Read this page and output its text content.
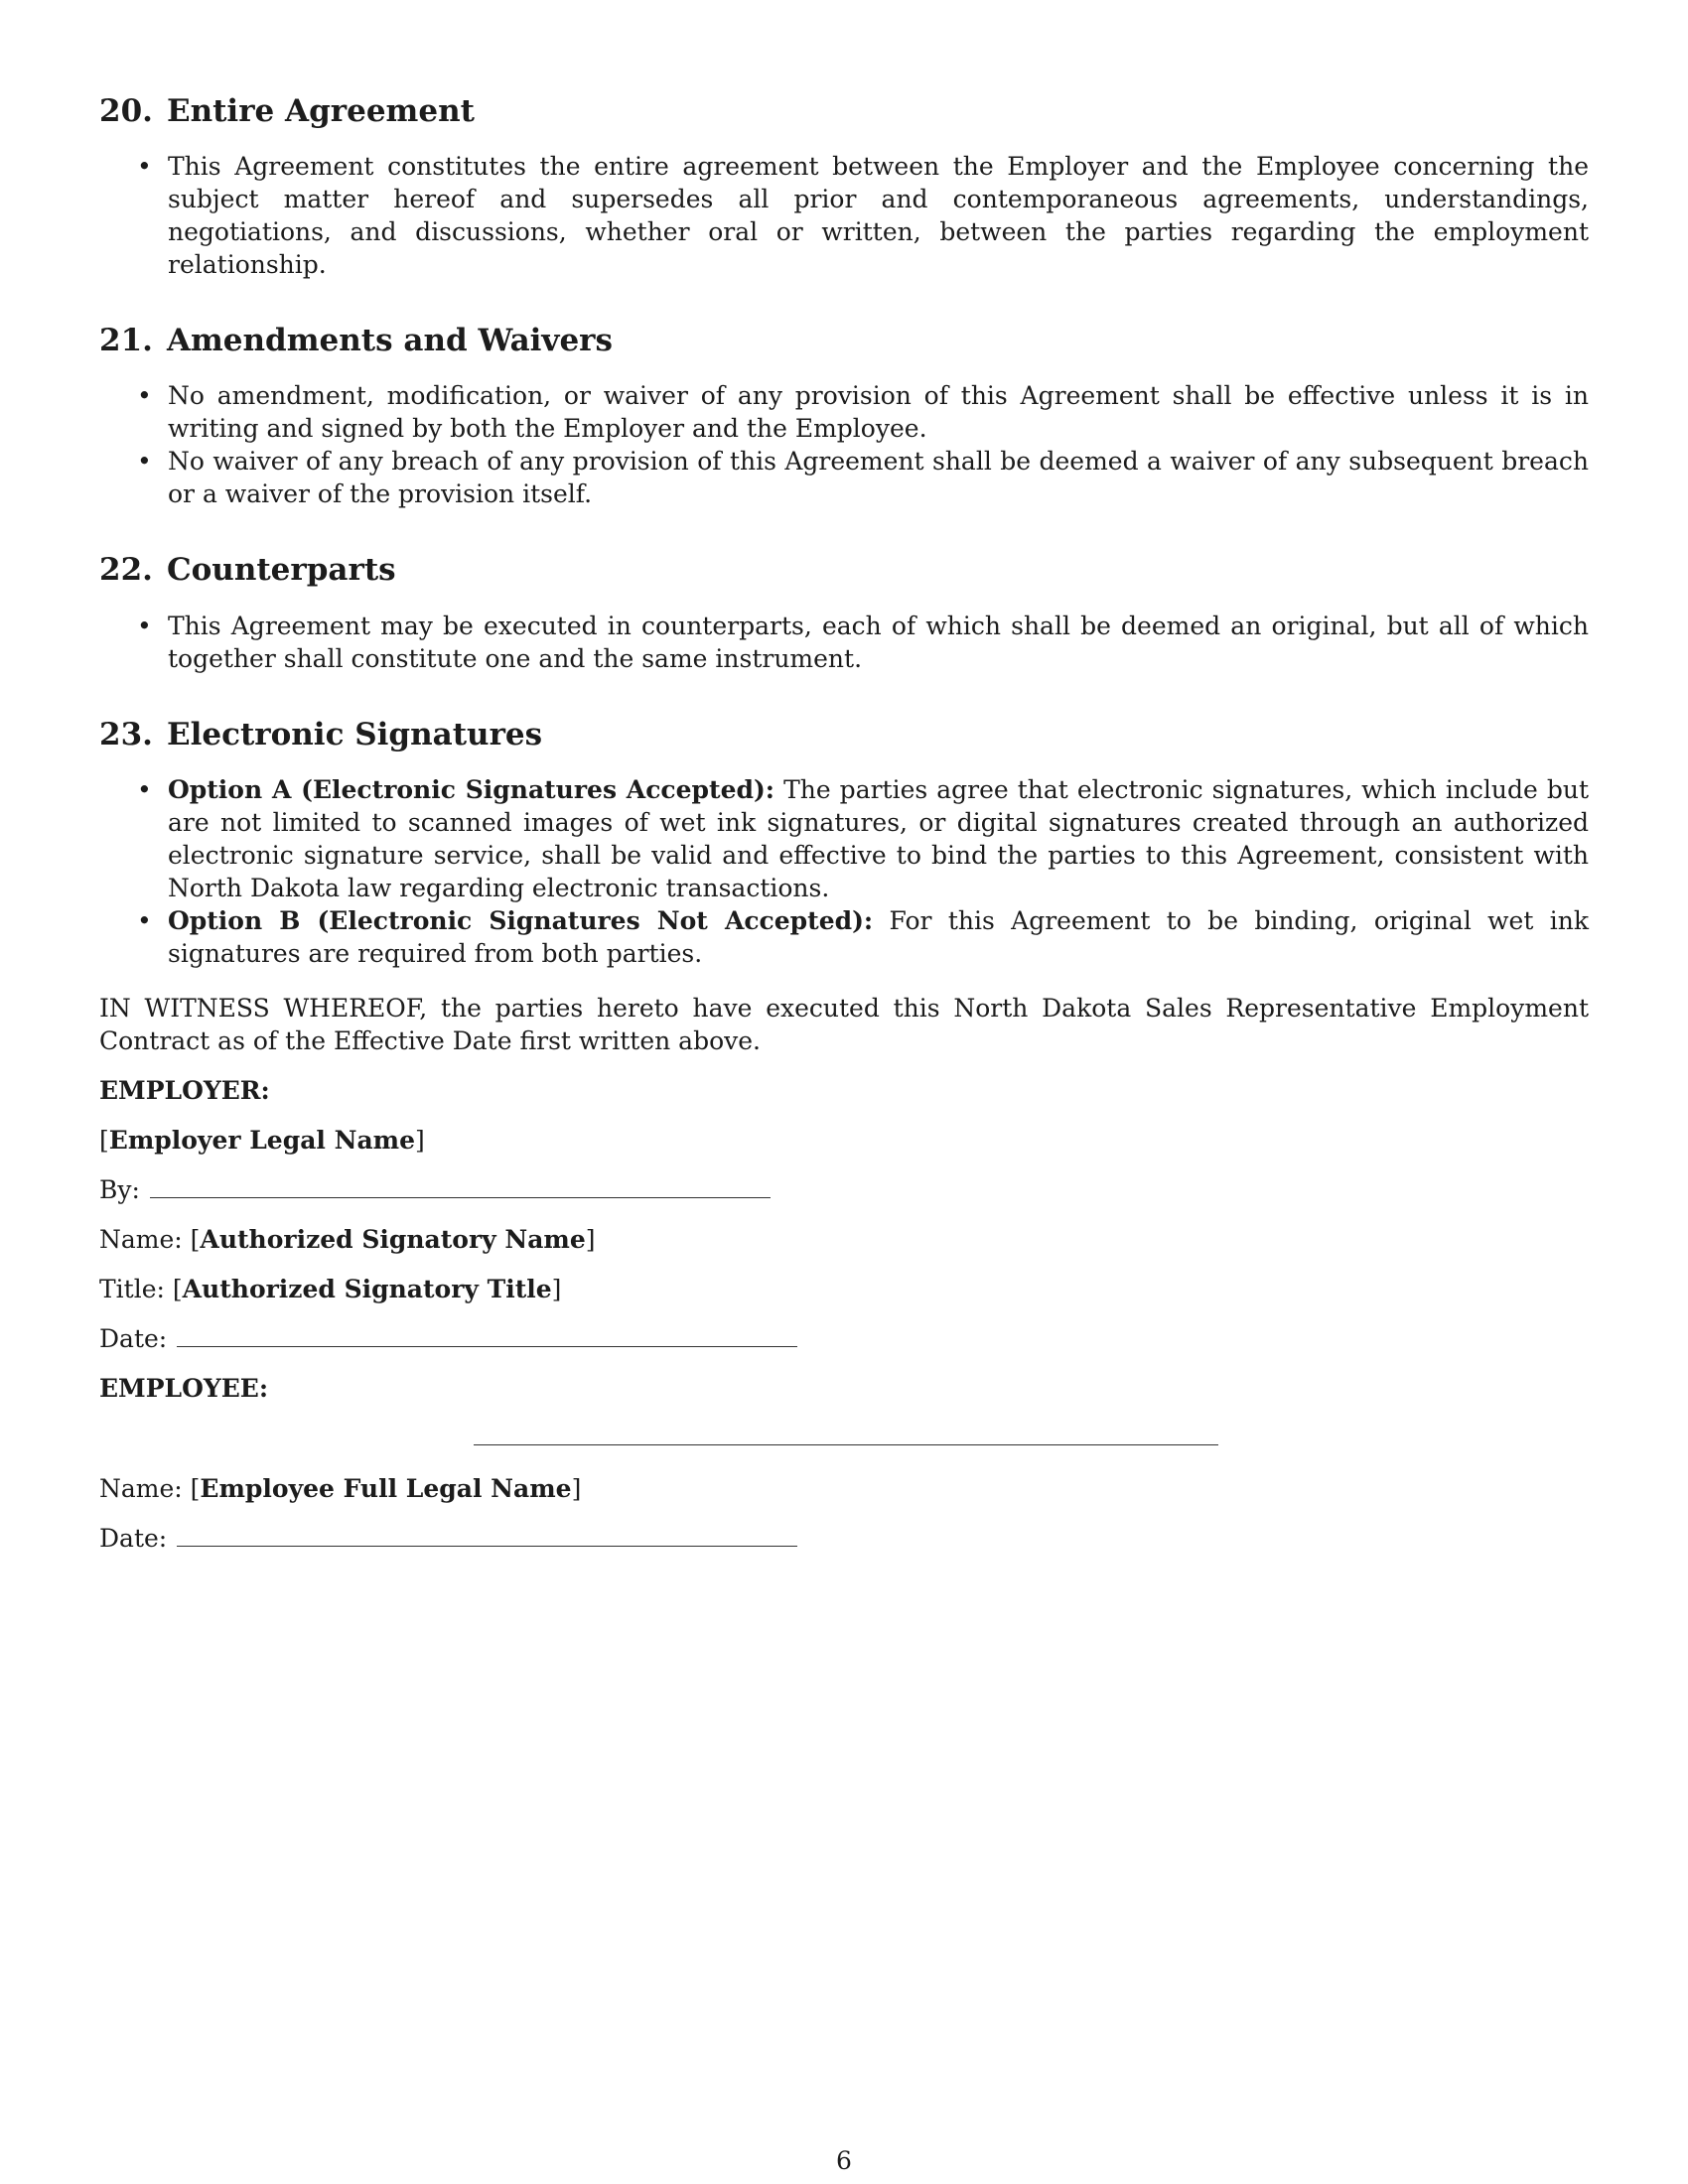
20. Entire Agreement
• This Agreement constitutes the entire agreement between the Employer and the Employee concerning the subject matter hereof and supersedes all prior and contemporaneous agreements, understandings, negotiations, and discussions, whether oral or written, between the parties regarding the employment relationship.
21. Amendments and Waivers
• No amendment, modification, or waiver of any provision of this Agreement shall be effective unless it is in writing and signed by both the Employer and the Employee.
• No waiver of any breach of any provision of this Agreement shall be deemed a waiver of any subsequent breach or a waiver of the provision itself.
22. Counterparts
• This Agreement may be executed in counterparts, each of which shall be deemed an original, but all of which together shall constitute one and the same instrument.
23. Electronic Signatures
• Option A (Electronic Signatures Accepted): The parties agree that electronic signatures, which include but are not limited to scanned images of wet ink signatures, or digital signatures created through an authorized electronic signature service, shall be valid and effective to bind the parties to this Agreement, consistent with North Dakota law regarding electronic transactions.
• Option B (Electronic Signatures Not Accepted): For this Agreement to be binding, original wet ink signatures are required from both parties.

IN WITNESS WHEREOF, the parties hereto have executed this North Dakota Sales Representative Employment Contract as of the Effective Date first written above.

EMPLOYER:

[Employer Legal Name]

By:

Name: [Authorized Signatory Name]

Title: [Authorized Signatory Title]

Date:

EMPLOYEE:

Name: [Employee Full Legal Name]

Date:

6
